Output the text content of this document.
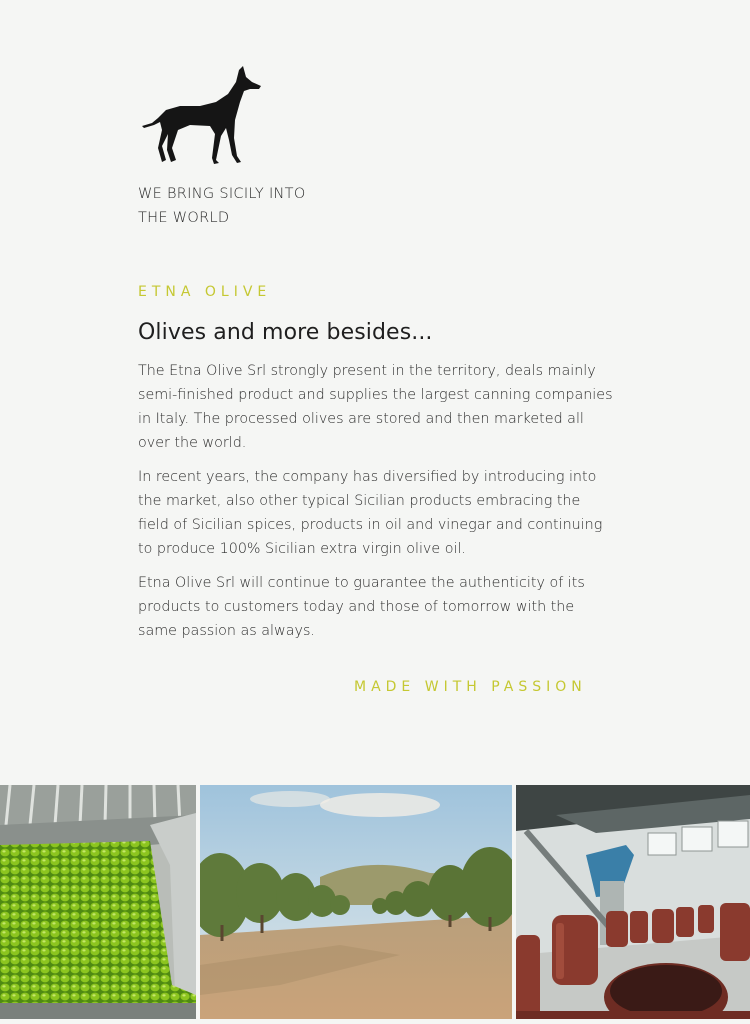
WE BRING SICILY INTO
THE WORLD
ETNA OLIVE
Olives and more besides...

The Etna Olive Srl strongly present in the territory, deals mainly semi-finished product and supplies the largest canning companies in Italy. The processed olives are stored and then marketed all over the world.

In recent years, the company has diversified by introducing into the market, also other typical Sicilian products embracing the field of Sicilian spices, products in oil and vinegar and continuing to produce 100% Sicilian extra virgin olive oil.

Etna Olive Srl will continue to guarantee the authenticity of its products to customers today and those of tomorrow with the same passion as always.

MADE WITH PASSION
